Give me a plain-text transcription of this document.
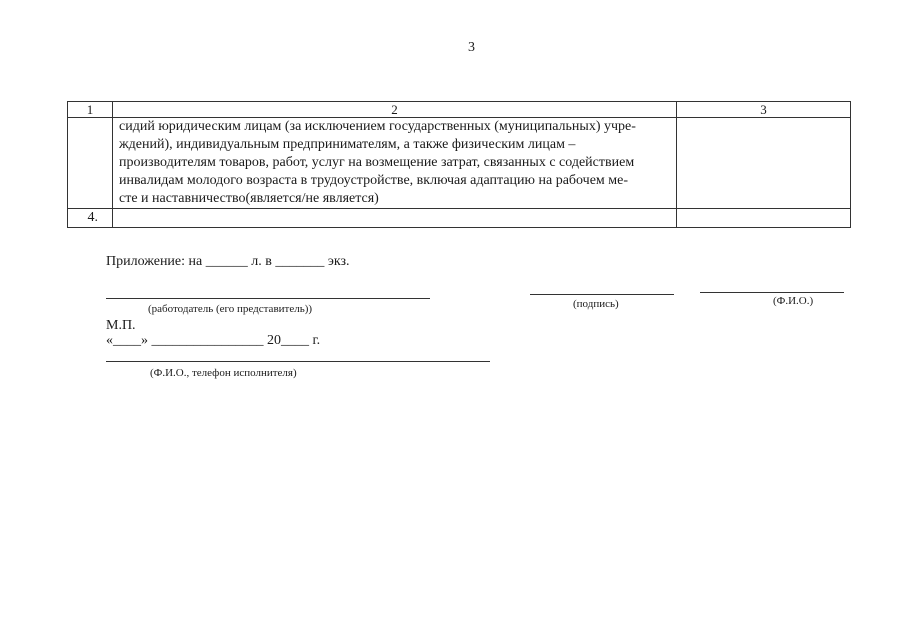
3
1	2	3

	сидий юридическим лицам (за исключением государственных (муниципальных) учре-
ждений), индивидуальным предпринимателям, а также физическим лицам –
производителям товаров, работ, услуг на возмещение затрат, связанных с содействием
инвалидам молодого возраста в трудоустройстве, включая адаптацию на рабочем ме-
сте и наставничество(является/не является)	

4.		
Приложение: на ______ л. в _______ экз.
(работодатель (его представитель))	(подпись)	(Ф.И.О.)
М.П.
«____» ________________ 20____ г.
(Ф.И.О., телефон исполнителя)
